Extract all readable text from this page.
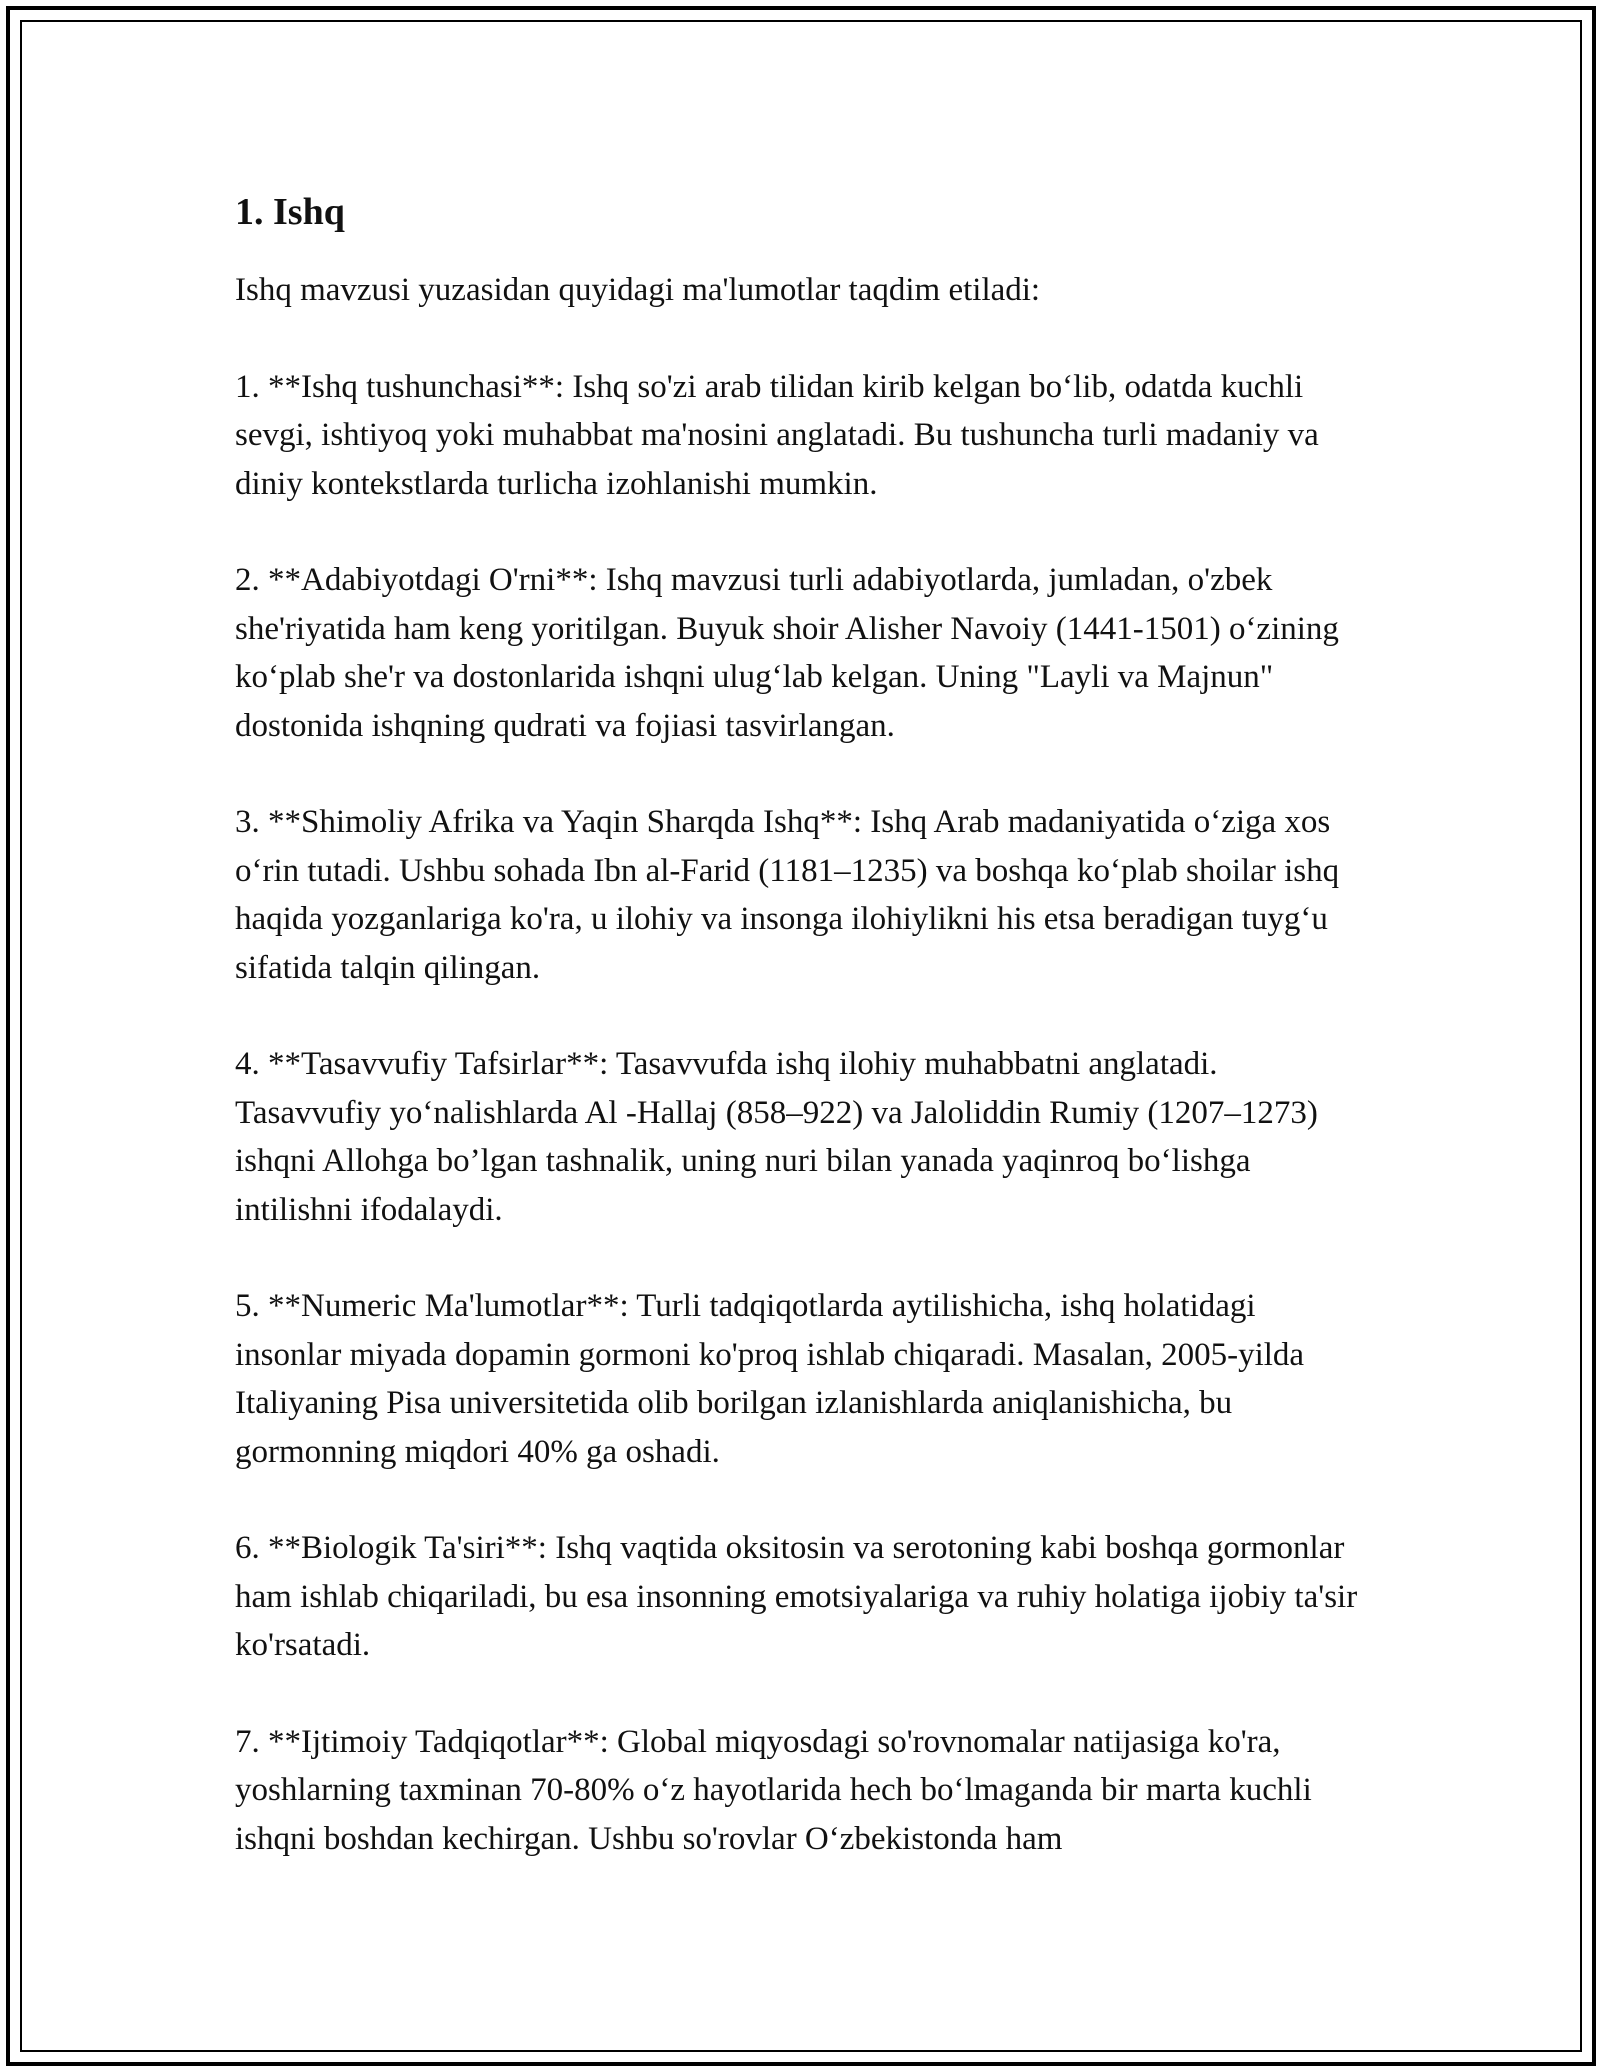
1. Ishq

Ishq mavzusi yuzasidan quyidagi ma'lumotlar taqdim etiladi:

1. **Ishq tushunchasi**: Ishq so'zi arab tilidan kirib kelgan bo‘lib, odatda kuchli sevgi, ishtiyoq yoki muhabbat ma'nosini anglatadi. Bu tushuncha turli madaniy va diniy kontekstlarda turlicha izohlanishi mumkin.

2. **Adabiyotdagi O'rni**: Ishq mavzusi turli adabiyotlarda, jumladan, o'zbek she'riyatida ham keng yoritilgan. Buyuk shoir Alisher Navoiy (1441-1501) o‘zining ko‘plab she'r va dostonlarida ishqni ulug‘lab kelgan. Uning "Layli va Majnun" dostonida ishqning qudrati va fojiasi tasvirlangan.

3. **Shimoliy Afrika va Yaqin Sharqda Ishq**: Ishq Arab madaniyatida o‘ziga xos o‘rin tutadi. Ushbu sohada Ibn al-Farid (1181–1235) va boshqa ko‘plab shoilar ishq haqida yozganlariga ko'ra, u ilohiy va insonga ilohiylikni his etsa beradigan tuyg‘u sifatida talqin qilingan.

4. **Tasavvufiy Tafsirlar**: Tasavvufda ishq ilohiy muhabbatni anglatadi. Tasavvufiy yo‘nalishlarda Al -Hallaj (858–922) va Jaloliddin Rumiy (1207–1273) ishqni Allohga bo’lgan tashnalik, uning nuri bilan yanada yaqinroq bo‘lishga intilishni ifodalaydi.

5. **Numeric Ma'lumotlar**: Turli tadqiqotlarda aytilishicha, ishq holatidagi insonlar miyada dopamin gormoni ko'proq ishlab chiqaradi. Masalan, 2005-yilda Italiyaning Pisa universitetida olib borilgan izlanishlarda aniqlanishicha, bu gormonning miqdori 40% ga oshadi.

6. **Biologik Ta'siri**: Ishq vaqtida oksitosin va serotoning kabi boshqa gormonlar ham ishlab chiqariladi, bu esa insonning emotsiyalariga va ruhiy holatiga ijobiy ta'sir ko'rsatadi.

7. **Ijtimoiy Tadqiqotlar**: Global miqyosdagi so'rovnomalar natijasiga ko'ra, yoshlarning taxminan 70-80% o‘z hayotlarida hech bo‘lmaganda bir marta kuchli ishqni boshdan kechirgan. Ushbu so'rovlar O‘zbekistonda ham
